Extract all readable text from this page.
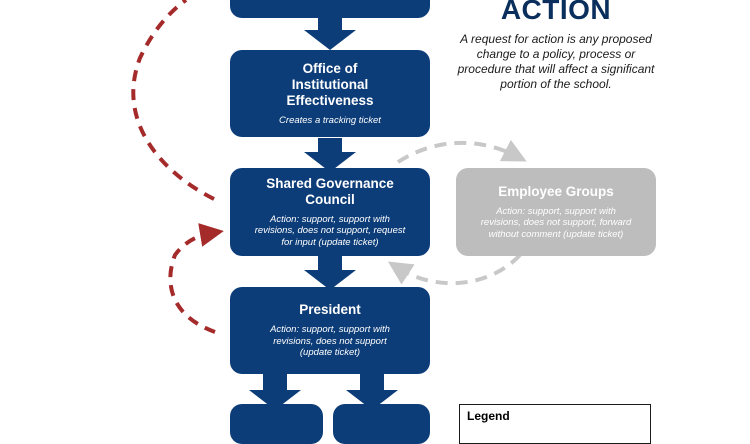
Office of
Institutional
Effectiveness
Creates a tracking ticket
Shared Governance
Council
Action: support, support with
revisions, does not support, request
for input (update ticket)
Employee Groups
Action: support, support with
revisions, does not support, forward
without comment (update ticket)
President
Action: support, support with
revisions, does not support
(update ticket)
ACTION
A request for action is any proposed change to a policy, process or procedure that will affect a significant portion of the school.
Legend
